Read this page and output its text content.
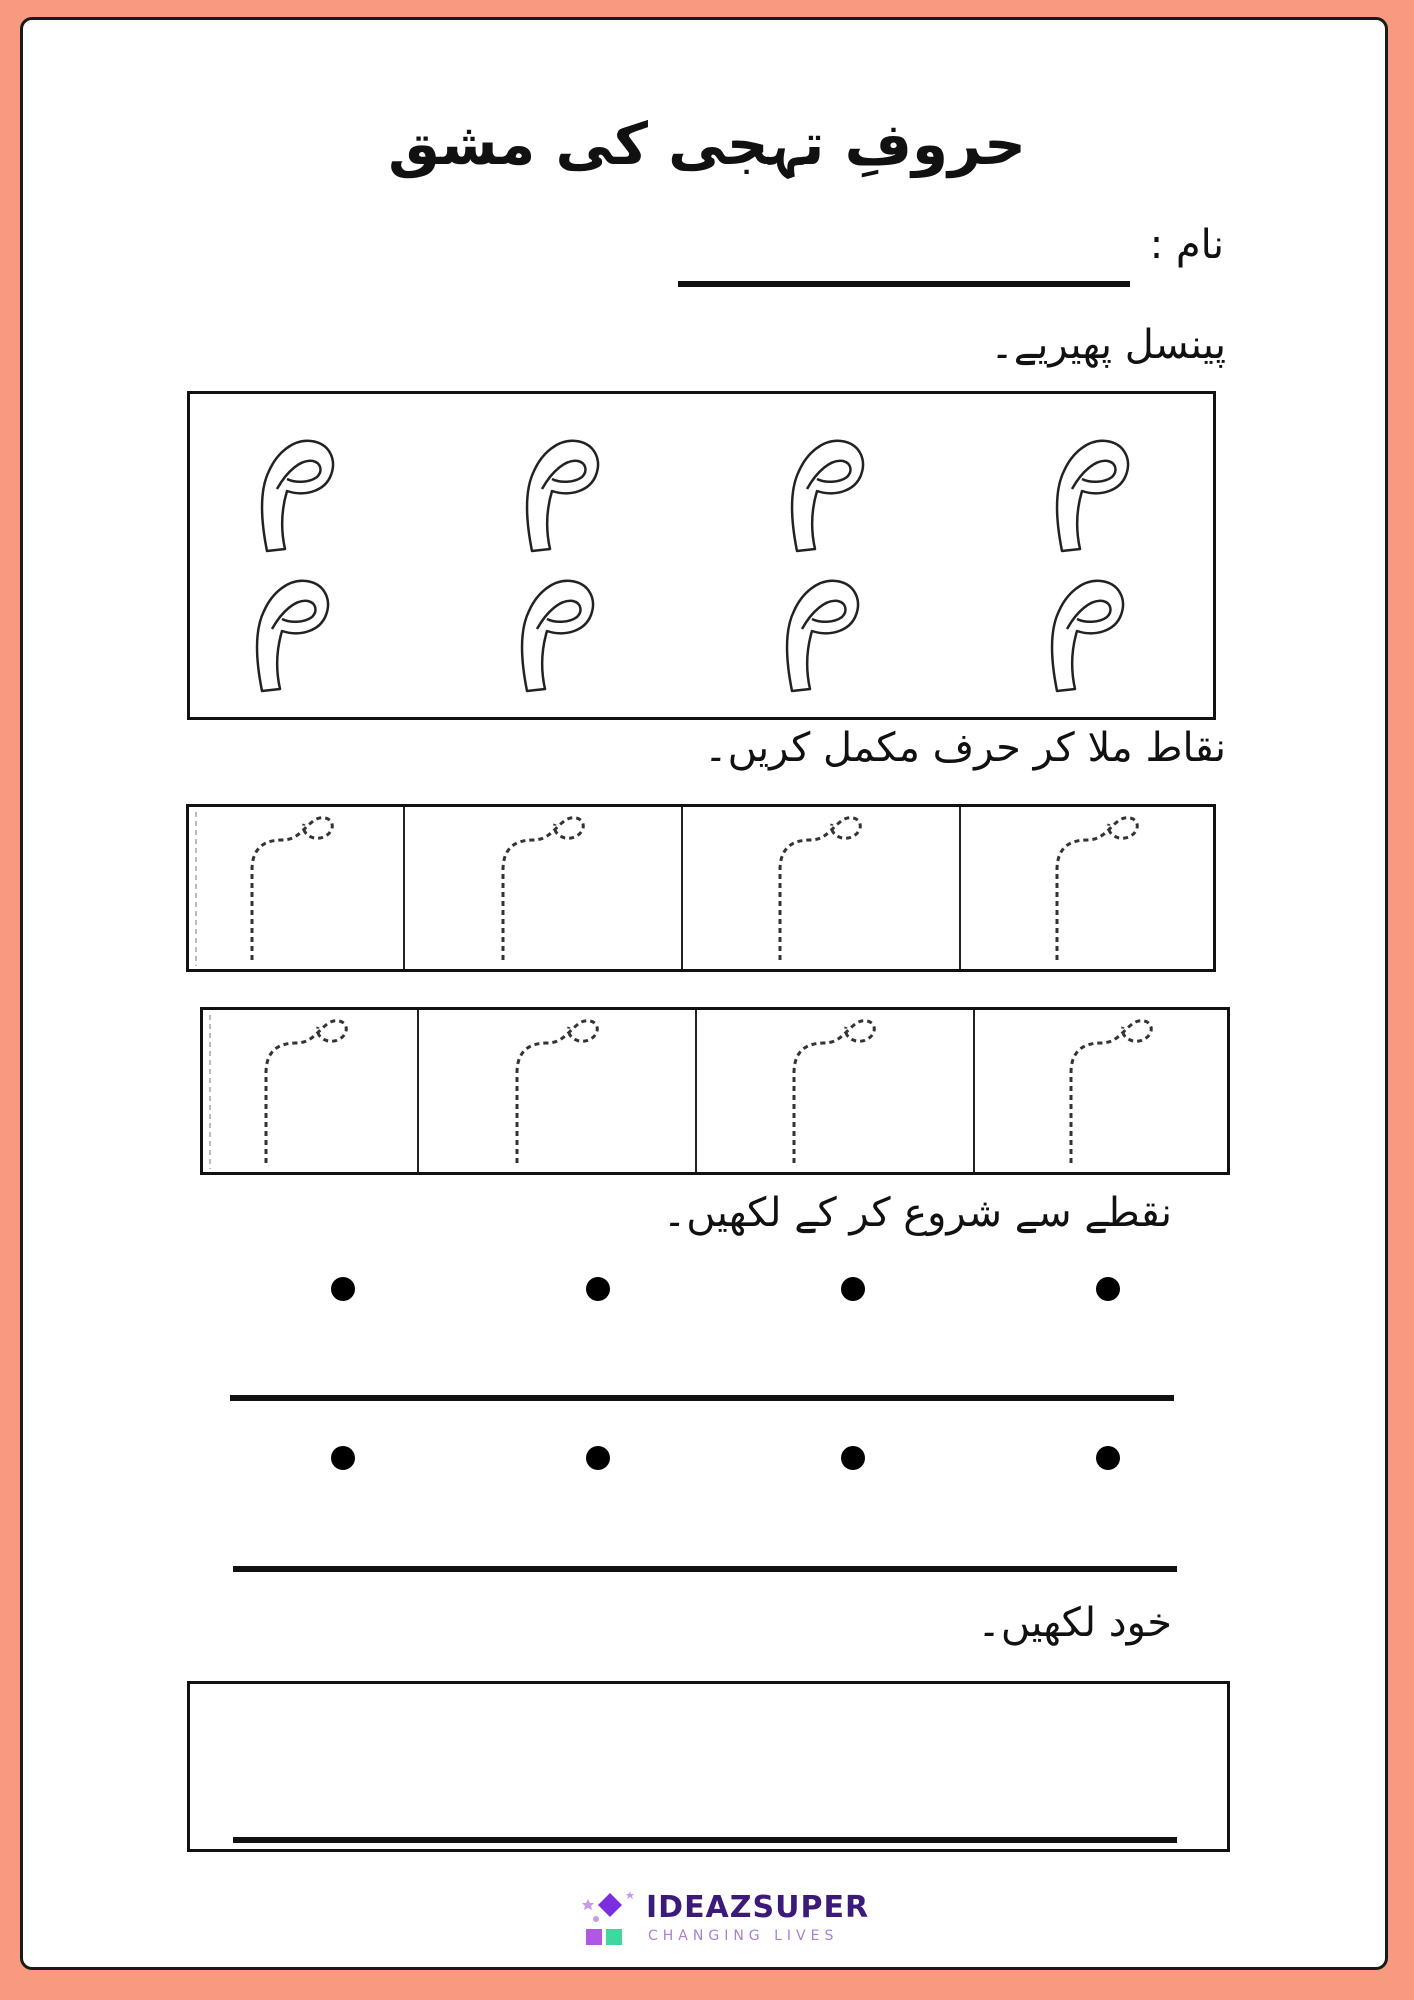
حروفِ تہجی کی مشق
نام :
پینسل پھیریے۔
نقاط ملا کر حرف مکمل کریں۔
نقطے سے شروع کر کے لکھیں۔
خود لکھیں۔
IDEAZSUPER
CHANGING LIVES
